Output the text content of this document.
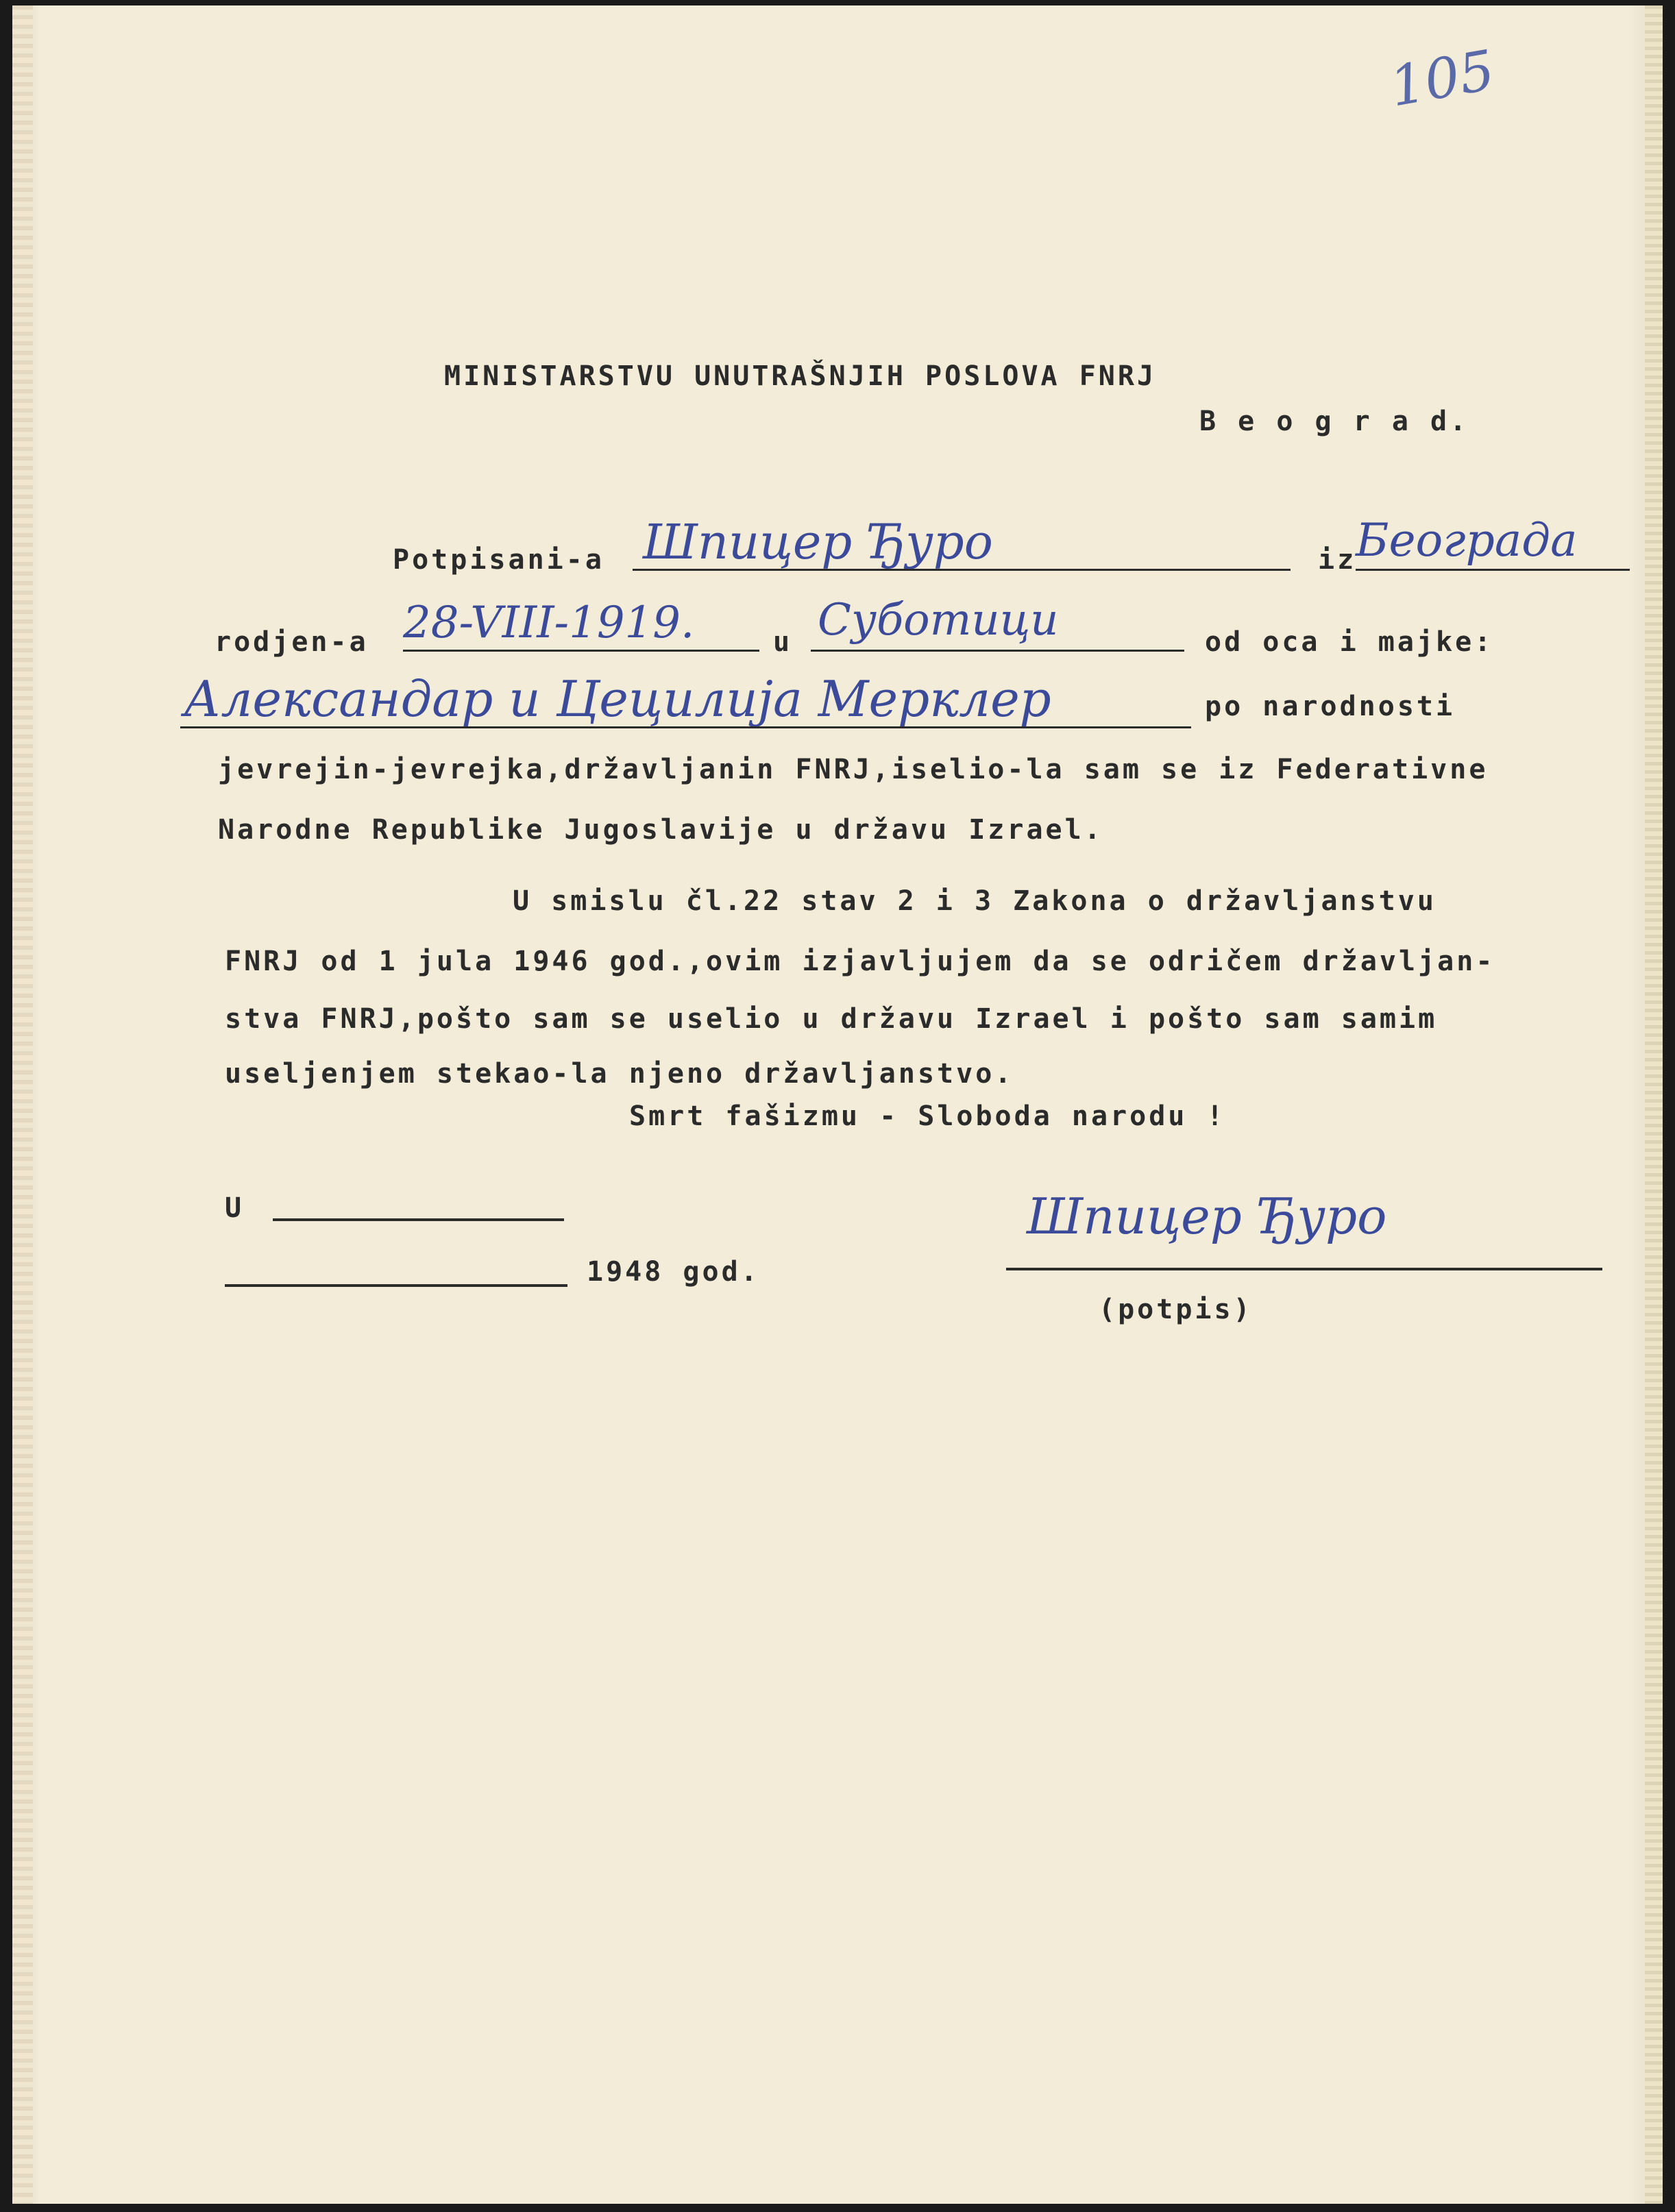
105
MINISTARSTVU UNUTRAŠNJIH POSLOVA FNRJ
B e o g r a d.
Potpisani-a Шпицер Ђуро	iz
Београда
rodjen-a 28-VIII-1919.	u Суботици	od oca i majke:
Александар и Цецилија Мерклер	po narodnosti
jevrejin-jevrejka,državljanin FNRJ,iselio-la sam se iz Federativne
Narodne Republike Jugoslavije u državu Izrael.
U smislu čl.22 stav 2 i 3 Zakona o državljanstvu
FNRJ od 1 jula 1946 god.,ovim izjavljujem da se odričem državljan-
stva FNRJ,pošto sam se uselio u državu Izrael i pošto sam samim
useljenjem stekao-la njeno državljanstvo.
Smrt fašizmu - Sloboda narodu !
U
1948 god.
Шпицер Ђуро
(potpis)
